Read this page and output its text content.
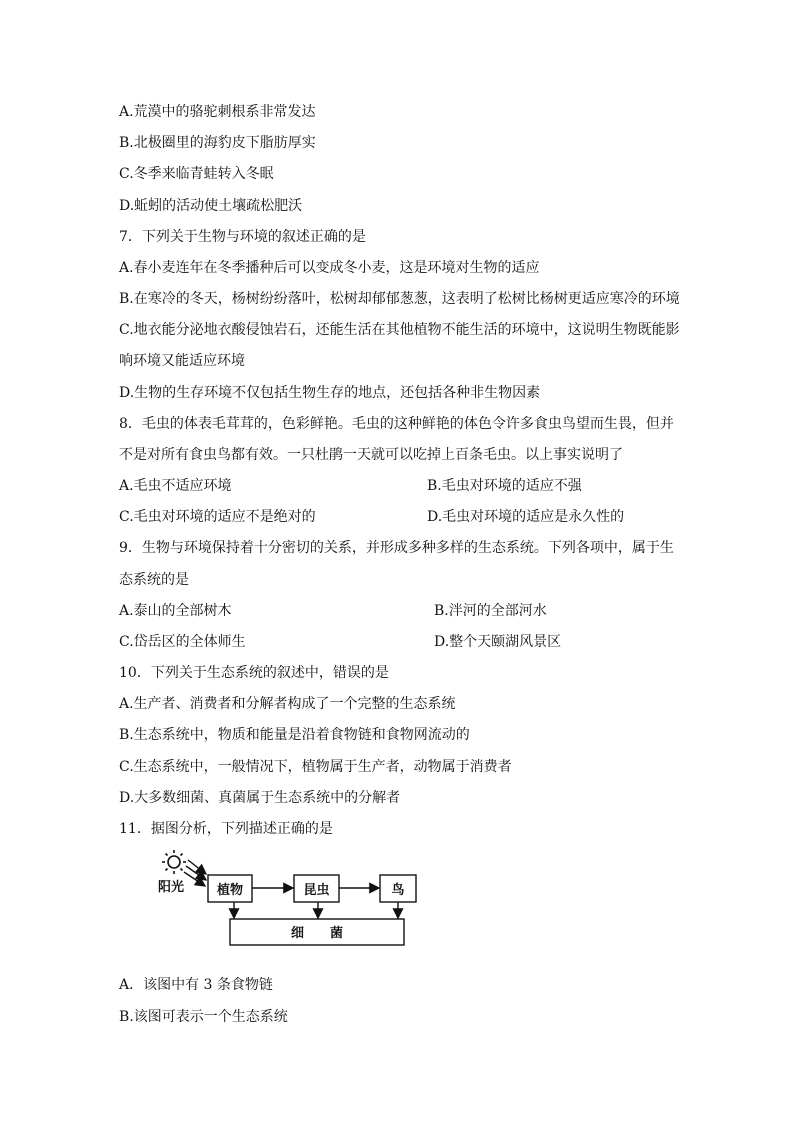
A.荒漠中的骆驼刺根系非常发达
B.北极圈里的海豹皮下脂肪厚实
C.冬季来临青蛙转入冬眠
D.蚯蚓的活动使土壤疏松肥沃
7．下列关于生物与环境的叙述正确的是
A.春小麦连年在冬季播种后可以变成冬小麦，这是环境对生物的适应
B.在寒冷的冬天，杨树纷纷落叶，松树却郁郁葱葱，这表明了松树比杨树更适应寒冷的环境
C.地衣能分泌地衣酸侵蚀岩石，还能生活在其他植物不能生活的环境中，这说明生物既能影
响环境又能适应环境
D.生物的生存环境不仅包括生物生存的地点，还包括各种非生物因素
8．毛虫的体表毛茸茸的，色彩鲜艳。毛虫的这种鲜艳的体色令许多食虫鸟望而生畏，但并
不是对所有食虫鸟都有效。一只杜鹃一天就可以吃掉上百条毛虫。以上事实说明了
A.毛虫不适应环境	B.毛虫对环境的适应不强
C.毛虫对环境的适应不是绝对的	D.毛虫对环境的适应是永久性的
9．生物与环境保持着十分密切的关系，并形成多种多样的生态系统。下列各项中，属于生
态系统的是
A.泰山的全部树木	B.泮河的全部河水
C.岱岳区的全体师生	D.整个天颐湖风景区
10．下列关于生态系统的叙述中，错误的是
A.生产者、消费者和分解者构成了一个完整的生态系统
B.生态系统中，物质和能量是沿着食物链和食物网流动的
C.生态系统中，一般情况下，植物属于生产者，动物属于消费者
D.大多数细菌、真菌属于生态系统中的分解者
11．据图分析，下列描述正确的是
阳光	植物	昆虫	鸟
细　　菌
A．该图中有 3 条食物链
B.该图可表示一个生态系统
